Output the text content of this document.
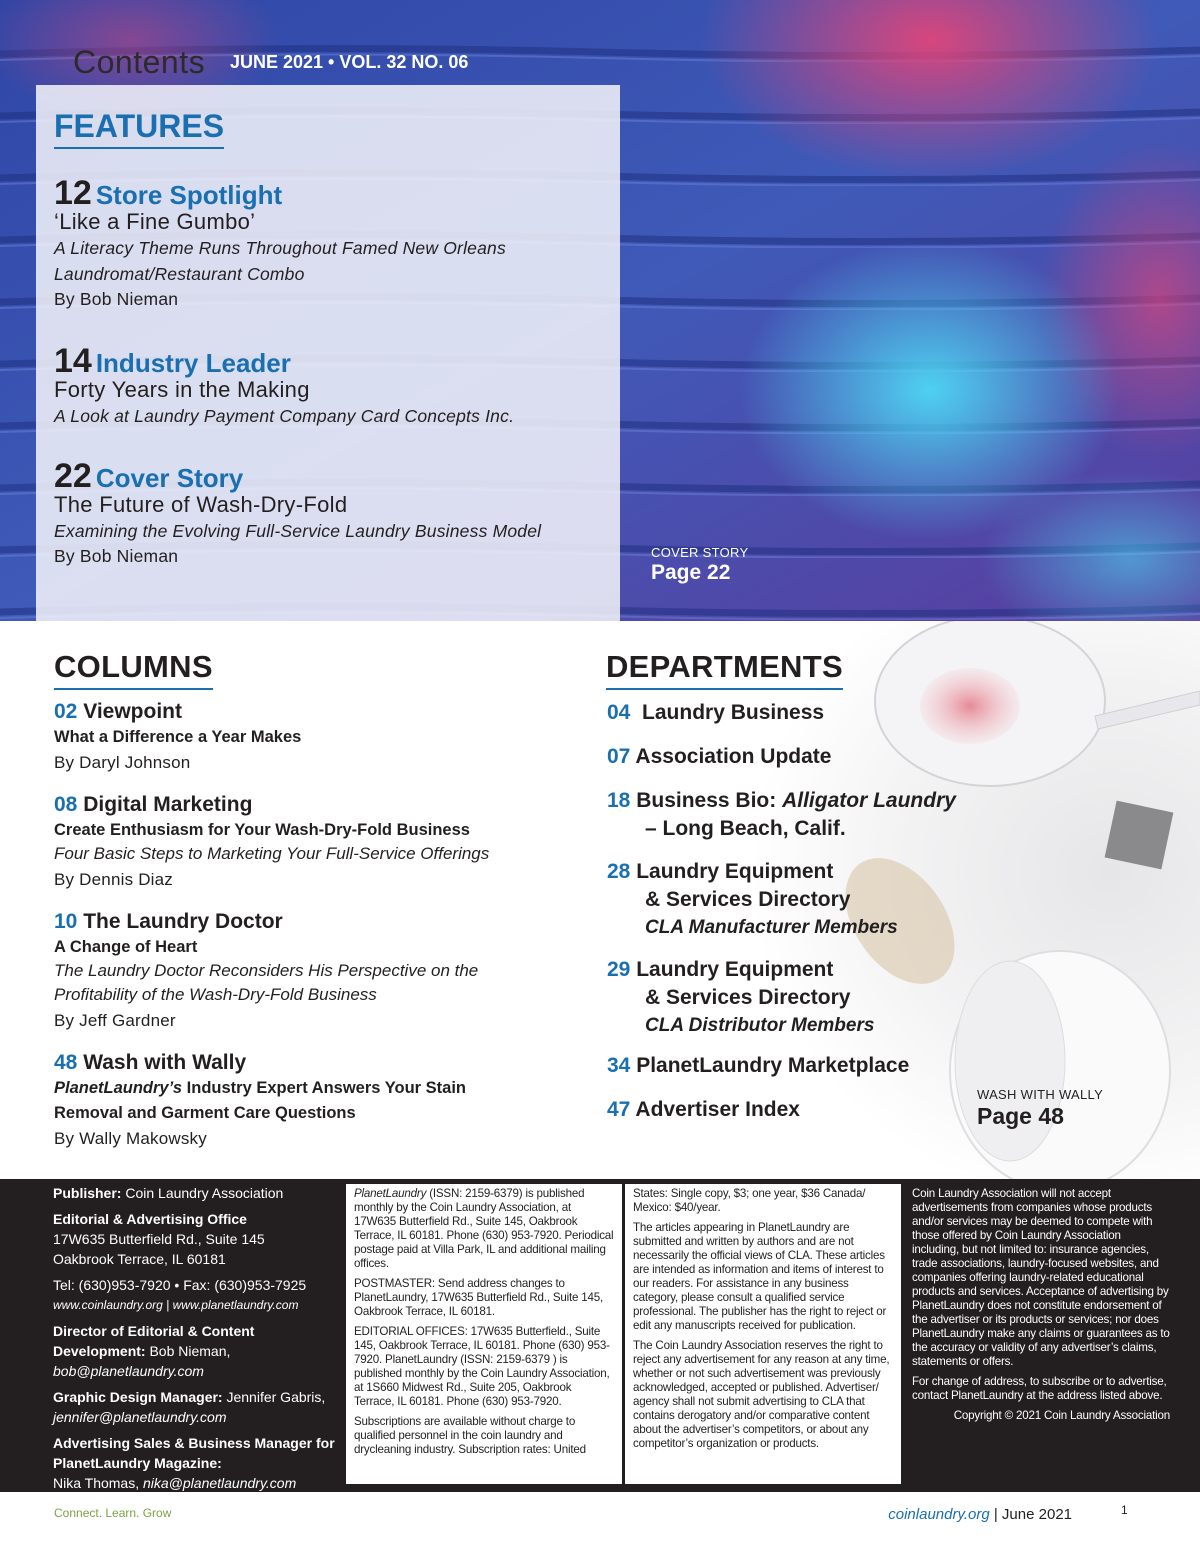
Contents JUNE 2021 • VOL. 32 NO. 06
FEATURES
12 Store Spotlight
‘Like a Fine Gumbo’
A Literacy Theme Runs Throughout Famed New Orleans
Laundromat/Restaurant Combo
By Bob Nieman
14 Industry Leader
Forty Years in the Making
A Look at Laundry Payment Company Card Concepts Inc.
22 Cover Story
The Future of Wash-Dry-Fold
Examining the Evolving Full-Service Laundry Business Model
By Bob Nieman	COVER STORY
Page 22
COLUMNS	DEPARTMENTS
02 Viewpoint
What a Difference a Year Makes
By Daryl Johnson
08 Digital Marketing
Create Enthusiasm for Your Wash-Dry-Fold Business
Four Basic Steps to Marketing Your Full-Service Offerings
By Dennis Diaz
10 The Laundry Doctor
A Change of Heart
The Laundry Doctor Reconsiders His Perspective on the
Profitability of the Wash-Dry-Fold Business
By Jeff Gardner
48 Wash with Wally
PlanetLaundry’s Industry Expert Answers Your Stain
Removal and Garment Care Questions
By Wally Makowsky
04 Laundry Business
07 Association Update
18 Business Bio: Alligator Laundry
– Long Beach, Calif.
28 Laundry Equipment
& Services Directory
CLA Manufacturer Members
29 Laundry Equipment
& Services Directory
CLA Distributor Members
34 PlanetLaundry Marketplace
47 Advertiser Index
WASH WITH WALLY
Page 48
Publisher: Coin Laundry Association
Editorial & Advertising Office
17W635 Butterfield Rd., Suite 145
Oakbrook Terrace, IL 60181
Tel: (630)953-7920 • Fax: (630)953-7925
www.coinlaundry.org | www.planetlaundry.com
Director of Editorial & Content Development: Bob Nieman,
bob@planetlaundry.com
Graphic Design Manager: Jennifer Gabris,
jennifer@planetlaundry.com
Advertising Sales & Business Manager for PlanetLaundry Magazine:
Nika Thomas, nika@planetlaundry.com

PlanetLaundry (ISSN: 2159-6379) is published monthly by the Coin Laundry Association, at 17W635 Butterfield Rd., Suite 145, Oakbrook Terrace, IL 60181. Phone (630) 953-7920. Periodical postage paid at Villa Park, IL and additional mailing offices.

POSTMASTER: Send address changes to PlanetLaundry, 17W635 Butterfield Rd., Suite 145, Oakbrook Terrace, IL 60181.

EDITORIAL OFFICES: 17W635 Butterfield., Suite 145, Oakbrook Terrace, IL 60181. Phone (630) 953-7920. PlanetLaundry (ISSN: 2159-6379 ) is published monthly by the Coin Laundry Association, at 1S660 Midwest Rd., Suite 205, Oakbrook Terrace, IL 60181. Phone (630) 953-7920.

Subscriptions are available without charge to qualified personnel in the coin laundry and drycleaning industry. Subscription rates: United

States: Single copy, $3; one year, $36 Canada/ Mexico: $40/year.

The articles appearing in PlanetLaundry are submitted and written by authors and are not necessarily the official views of CLA. These articles are intended as information and items of interest to our readers. For assistance in any business category, please consult a qualified service professional. The publisher has the right to reject or edit any manuscripts received for publication.

The Coin Laundry Association reserves the right to reject any advertisement for any reason at any time, whether or not such advertisement was previously acknowledged, accepted or published. Advertiser/ agency shall not submit advertising to CLA that contains derogatory and/or comparative content about the advertiser’s competitors, or about any competitor’s organization or products.

Coin Laundry Association will not accept advertisements from companies whose products and/or services may be deemed to compete with those offered by Coin Laundry Association including, but not limited to: insurance agencies, trade associations, laundry-focused websites, and companies offering laundry-related educational products and services. Acceptance of advertising by PlanetLaundry does not constitute endorsement of the advertiser or its products or services; nor does PlanetLaundry make any claims or guarantees as to the accuracy or validity of any advertiser’s claims, statements or offers.

For change of address, to subscribe or to advertise, contact PlanetLaundry at the address listed above.

Copyright © 2021 Coin Laundry Association

Connect. Learn. Grow	coinlaundry.org | June 2021	1
